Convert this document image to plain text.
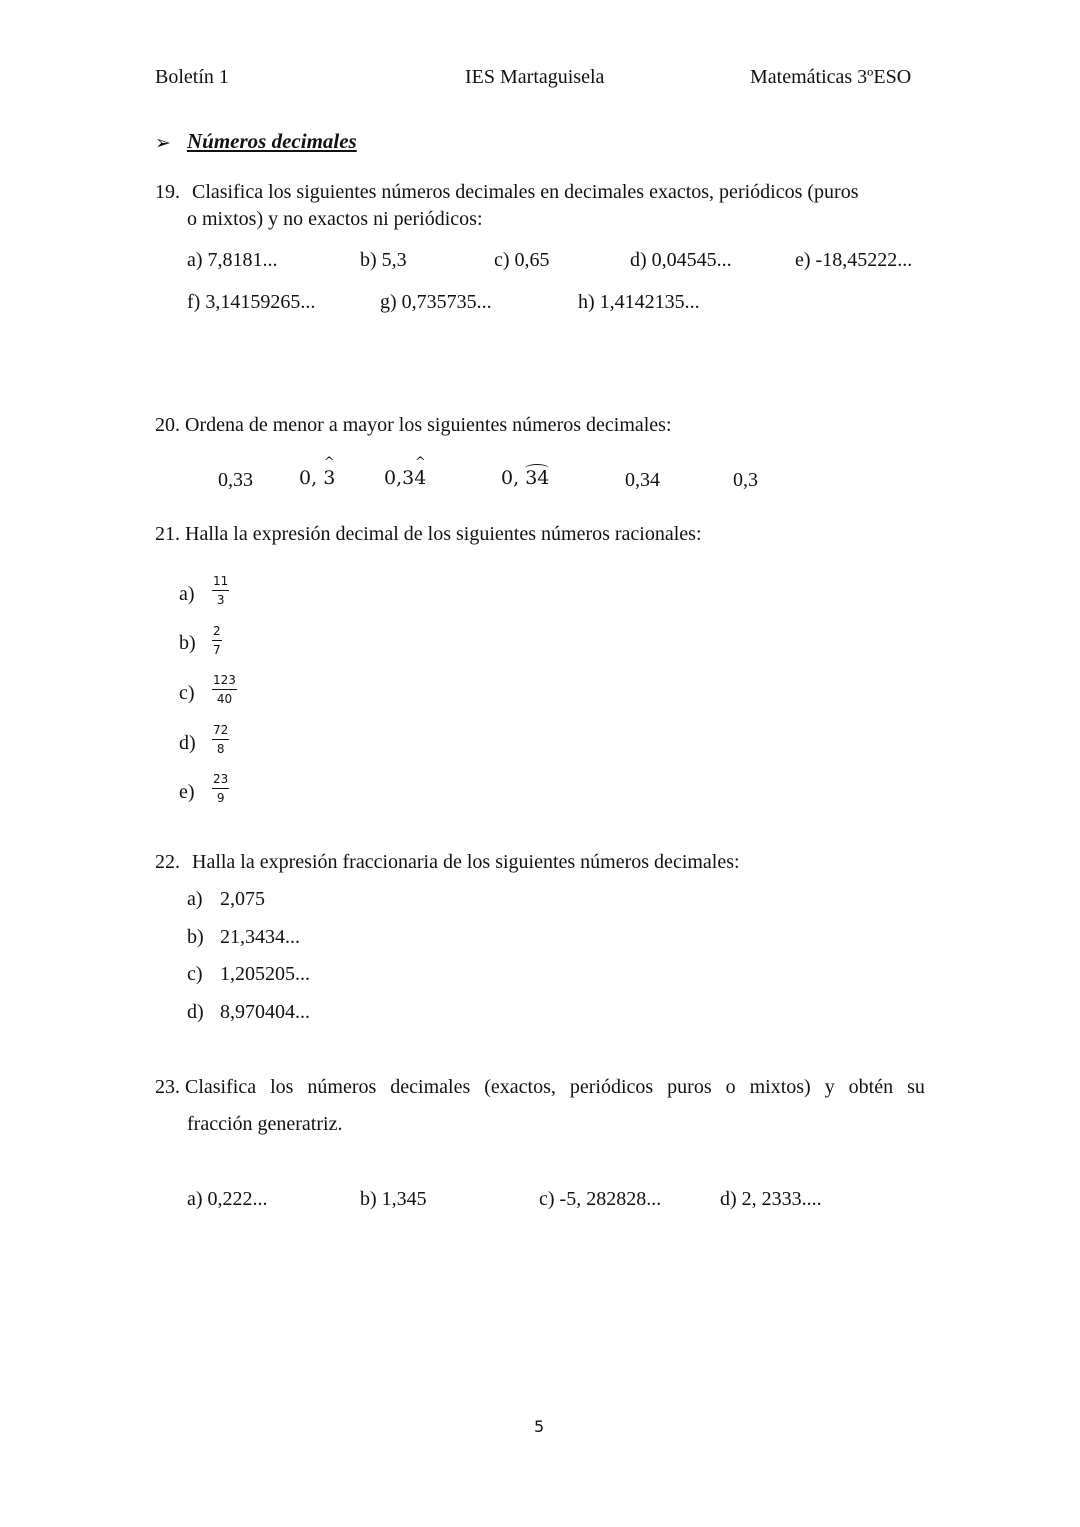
Boletín 1	IES Martaguisela	Matemáticas 3ºESO
➢ Números decimales
19. Clasifica los siguientes números decimales en decimales exactos, periódicos (puros
o mixtos) y no exactos ni periódicos:
a) 7,8181...	b) 5,3	c) 0,65	d) 0,04545...	e) -18,45222...
f) 3,14159265...	g) 0,735735...	h) 1,4142135...
20. Ordena de menor a mayor los siguientes números decimales:
0,33 0, ^ 3	0,3^ 4	0, 34	0,34	0,3
21. Halla la expresión decimal de los siguientes números racionales:
a)
11
3
b)
2
7
c)
123
40
d)
72
8
e)
23
9
22. Halla la expresión fraccionaria de los siguientes números decimales:
a) 2,075
b) 21,3434...
c) 1,205205...
d) 8,970404...
23. Clasifica los números decimales (exactos, periódicos puros o mixtos) y obtén su
fracción generatriz.
a) 0,222...	b) 1,345	c) -5, 282828...	d) 2, 2333....
5
